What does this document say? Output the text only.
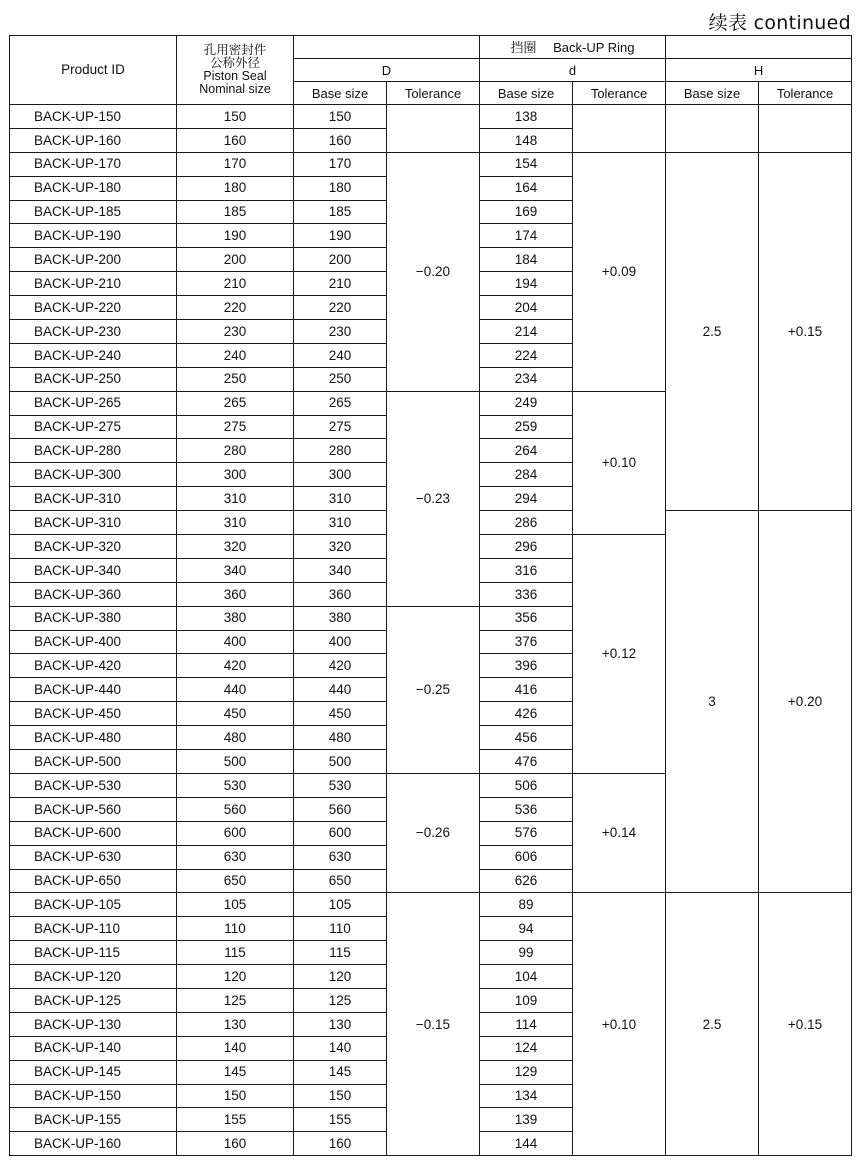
续表 continued
Product ID	孔用密封件
公称外径
Piston Seal
Nominal size			挡圈　 Back-UP Ring			
		D		d		H	
		Base size	Tolerance	Base size	Tolerance	Base size	Tolerance
BACK-UP-150	150	150		138			
BACK-UP-160	160	160		148			
BACK-UP-170	170	170	−0.20	154	+0.09	2.5	+0.15
BACK-UP-180	180	180		164			
BACK-UP-185	185	185		169			
BACK-UP-190	190	190		174			
BACK-UP-200	200	200		184			
BACK-UP-210	210	210		194			
BACK-UP-220	220	220		204			
BACK-UP-230	230	230		214			
BACK-UP-240	240	240		224			
BACK-UP-250	250	250		234			
BACK-UP-265	265	265	−0.23	249	+0.10		
BACK-UP-275	275	275		259			
BACK-UP-280	280	280		264			
BACK-UP-300	300	300		284			
BACK-UP-310	310	310		294			
BACK-UP-310	310	310		286		3	+0.20
BACK-UP-320	320	320		296	+0.12		
BACK-UP-340	340	340		316			
BACK-UP-360	360	360		336			
BACK-UP-380	380	380	−0.25	356			
BACK-UP-400	400	400		376			
BACK-UP-420	420	420		396			
BACK-UP-440	440	440		416			
BACK-UP-450	450	450		426			
BACK-UP-480	480	480		456			
BACK-UP-500	500	500		476			
BACK-UP-530	530	530	−0.26	506	+0.14		
BACK-UP-560	560	560		536			
BACK-UP-600	600	600		576			
BACK-UP-630	630	630		606			
BACK-UP-650	650	650		626			
BACK-UP-105	105	105	−0.15	89	+0.10	2.5	+0.15
BACK-UP-110	110	110		94			
BACK-UP-115	115	115		99			
BACK-UP-120	120	120		104			
BACK-UP-125	125	125		109			
BACK-UP-130	130	130		114			
BACK-UP-140	140	140		124			
BACK-UP-145	145	145		129			
BACK-UP-150	150	150		134			
BACK-UP-155	155	155		139			
BACK-UP-160	160	160		144			
